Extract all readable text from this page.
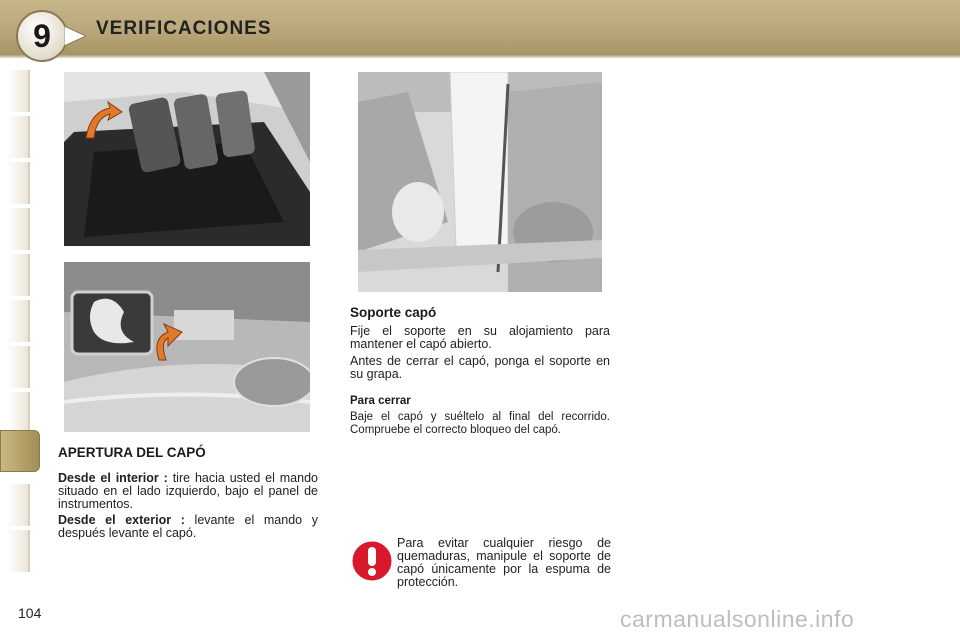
9	VERIFICACIONES
APERTURA DEL CAPÓ
Desde el interior : tire hacia usted el mando situado en el lado izquierdo, bajo el panel de instrumentos.
Desde el exterior : levante el mando y después levante el capó.
Soporte capó
Fije el soporte en su alojamiento para mantener el capó abierto.
Antes de cerrar el capó, ponga el soporte en su grapa.
Para cerrar
Baje el capó y suéltelo al final del recorrido. Compruebe el correcto bloqueo del capó.
Para evitar cualquier riesgo de quemaduras, manipule el soporte de capó únicamente por la espuma de protección.
104	carmanualsonline.info
